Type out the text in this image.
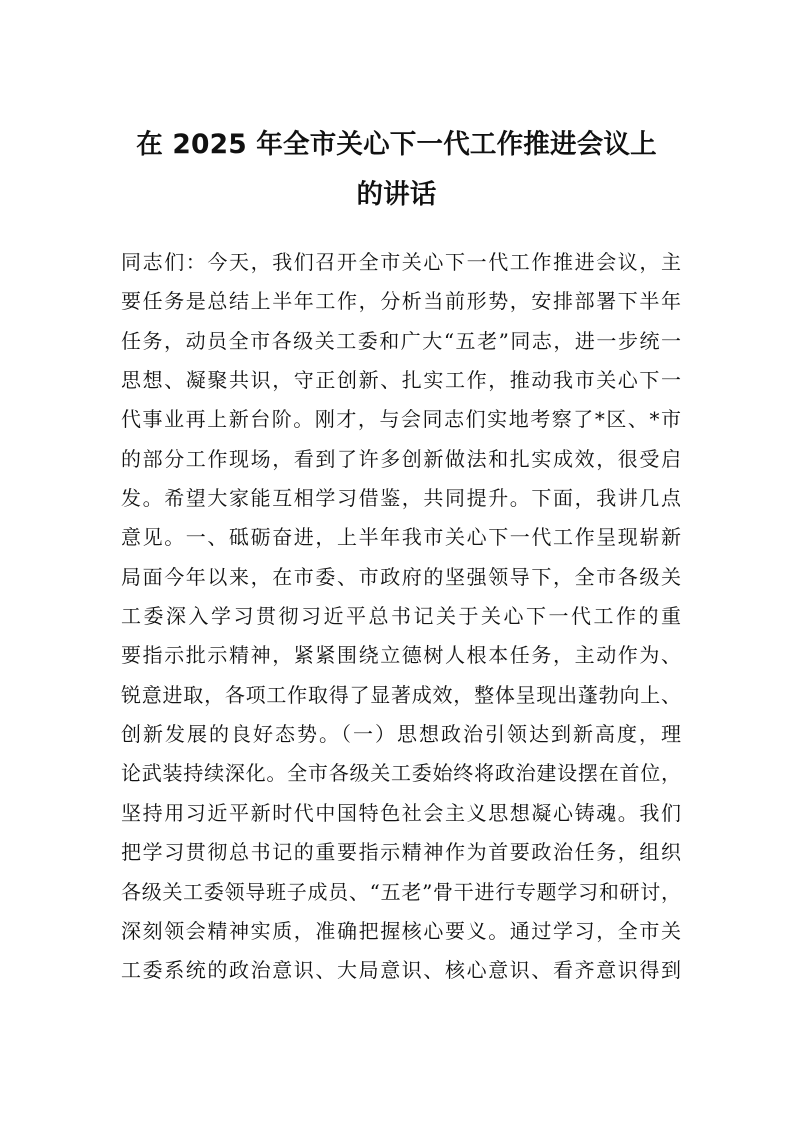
在 2025 年全市关心下一代工作推进会议上
的讲话
同志们：今天，我们召开全市关心下一代工作推进会议，主
要任务是总结上半年工作，分析当前形势，安排部署下半年
任务，动员全市各级关工委和广大“五老”同志，进一步统一
思想、凝聚共识，守正创新、扎实工作，推动我市关心下一
代事业再上新台阶。刚才，与会同志们实地考察了*区、*市
的部分工作现场，看到了许多创新做法和扎实成效，很受启
发。希望大家能互相学习借鉴，共同提升。下面，我讲几点
意见。一、砥砺奋进，上半年我市关心下一代工作呈现崭新
局面今年以来，在市委、市政府的坚强领导下，全市各级关
工委深入学习贯彻习近平总书记关于关心下一代工作的重
要指示批示精神，紧紧围绕立德树人根本任务，主动作为、
锐意进取，各项工作取得了显著成效，整体呈现出蓬勃向上、
创新发展的良好态势。（一）思想政治引领达到新高度，理
论武装持续深化。全市各级关工委始终将政治建设摆在首位，
坚持用习近平新时代中国特色社会主义思想凝心铸魂。我们
把学习贯彻总书记的重要指示精神作为首要政治任务，组织
各级关工委领导班子成员、“五老”骨干进行专题学习和研讨，
深刻领会精神实质，准确把握核心要义。通过学习，全市关
工委系统的政治意识、大局意识、核心意识、看齐意识得到
